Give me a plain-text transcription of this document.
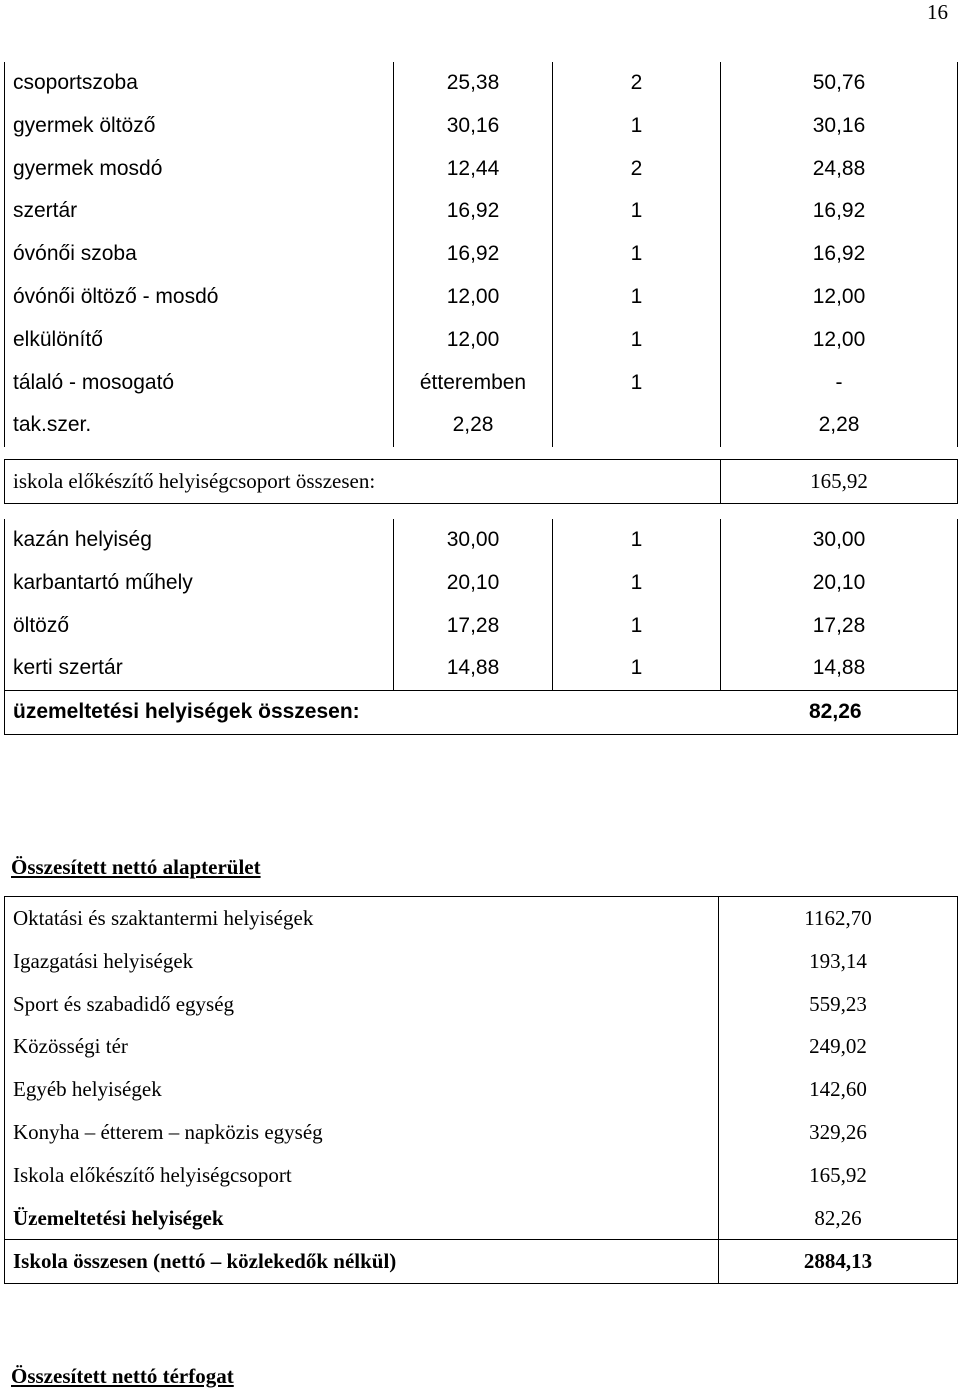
16
csoportszoba	25,38	2	50,76
gyermek öltöző	30,16	1	30,16
gyermek mosdó	12,44	2	24,88
szertár	16,92	1	16,92
óvónői szoba	16,92	1	16,92
óvónői öltöző - mosdó	12,00	1	12,00
elkülönítő	12,00	1	12,00
tálaló - mosogató	étteremben	1	-
tak.szer.	2,28		2,28
iskola előkészítő helyiségcsoport összesen:	165,92
kazán helyiség	30,00	1	30,00
karbantartó műhely	20,10	1	20,10
öltöző	17,28	1	17,28
kerti szertár	14,88	1	14,88
üzemeltetési helyiségek összesen: 82,26			
Összesített nettó alapterület
Oktatási és szaktantermi helyiségek	1162,70
Igazgatási helyiségek	193,14
Sport és szabadidő egység	559,23
Közösségi tér	249,02
Egyéb helyiségek	142,60
Konyha – étterem – napközis egység	329,26
Iskola előkészítő helyiségcsoport	165,92
Üzemeltetési helyiségek	82,26
Iskola összesen (nettó – közlekedők nélkül)	2884,13
Összesített nettó térfogat
